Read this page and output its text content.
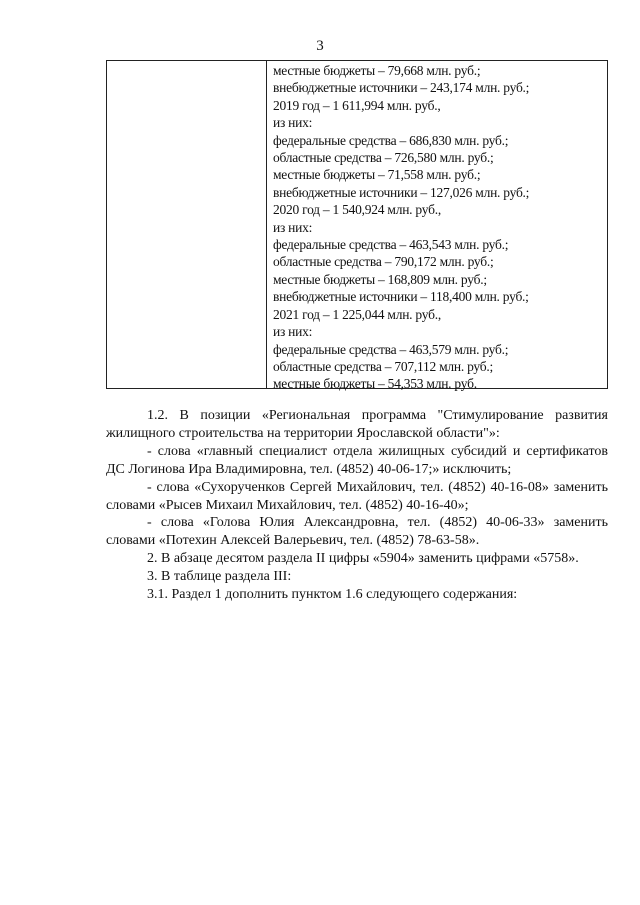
3
местные бюджеты – 79,668 млн. руб.;
внебюджетные источники – 243,174 млн. руб.;
2019 год – 1 611,994 млн. руб.,
из них:
федеральные средства – 686,830 млн. руб.;
областные средства – 726,580 млн. руб.;
местные бюджеты – 71,558 млн. руб.;
внебюджетные источники – 127,026 млн. руб.;
2020 год – 1 540,924 млн. руб.,
из них:
федеральные средства – 463,543 млн. руб.;
областные средства – 790,172 млн. руб.;
местные бюджеты – 168,809 млн. руб.;
внебюджетные источники – 118,400 млн. руб.;
2021 год – 1 225,044 млн. руб.,
из них:
федеральные средства – 463,579 млн. руб.;
областные средства – 707,112 млн. руб.;
местные бюджеты – 54,353 млн. руб.

1.2. В позиции «Региональная программа "Стимулирование развития жилищного строительства на территории Ярославской области"»:

- слова «главный специалист отдела жилищных субсидий и сертификатов ДС Логинова Ира Владимировна, тел. (4852) 40-06-17;» исключить;

- слова «Сухорученков Сергей Михайлович, тел. (4852) 40-16-08» заменить словами «Рысев Михаил Михайлович, тел. (4852) 40-16-40»;

- слова «Голова Юлия Александровна, тел. (4852) 40-06-33» заменить словами «Потехин Алексей Валерьевич, тел. (4852) 78-63-58».

2. В абзаце десятом раздела II цифры «5904» заменить цифрами «5758».

3. В таблице раздела III:

3.1. Раздел 1 дополнить пунктом 1.6 следующего содержания:
